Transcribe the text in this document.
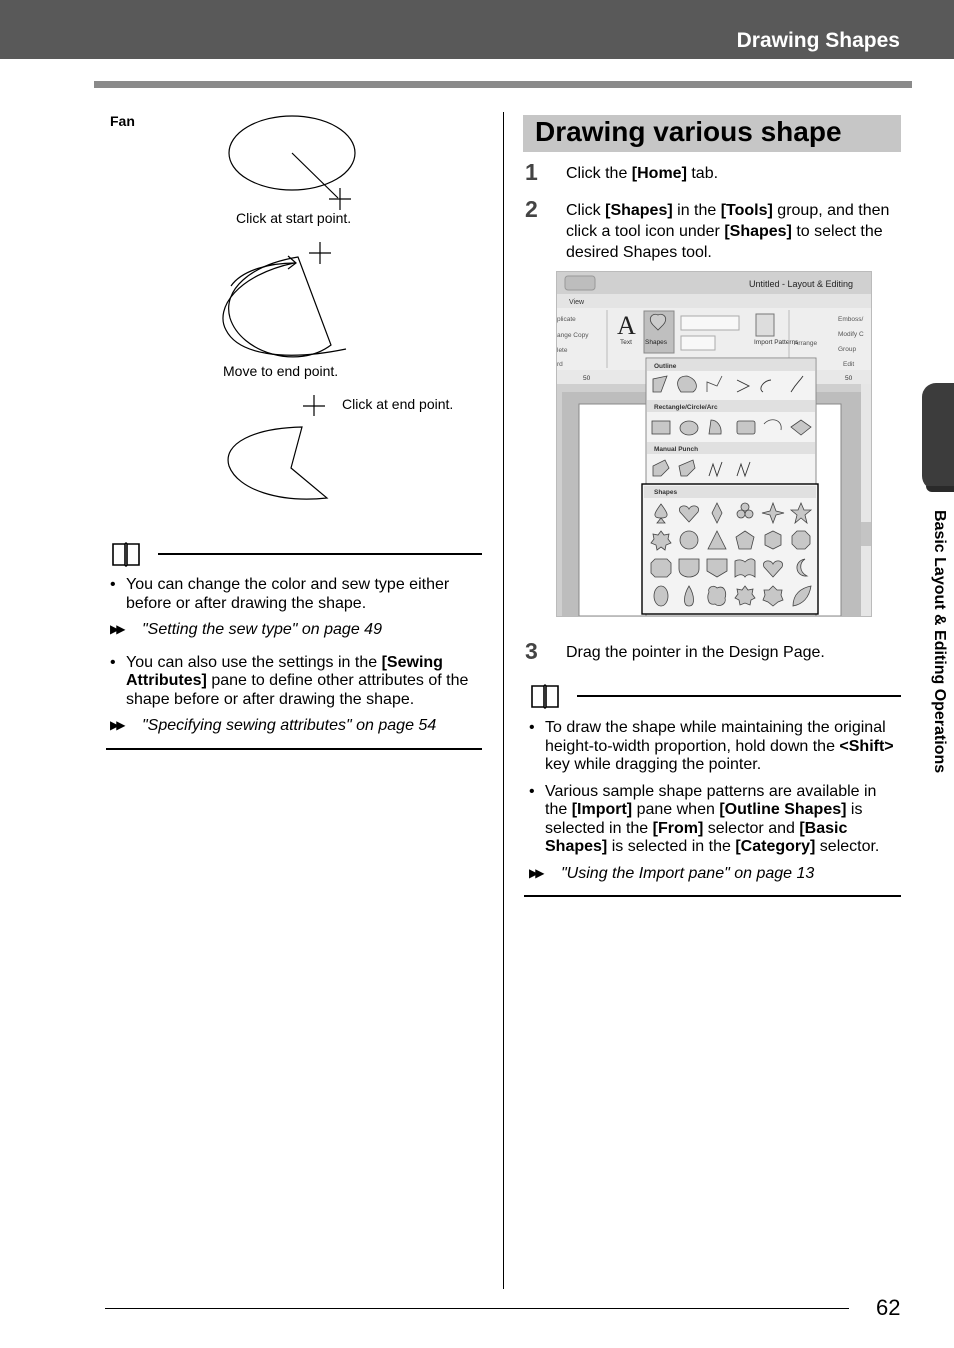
Drawing Shapes
62
Basic Layout & Editing Operations
Fan
Click at start point.
Move to end point.
Click at end point.
• You can change the color and sew type either before or after drawing the shape.
▶▶ "Setting the sew type" on page 49
• You can also use the settings in the [Sewing Attributes] pane to define other attributes of the shape before or after drawing the shape.
▶▶ "Specifying sewing attributes" on page 54
Drawing various shape
1 Click the [Home] tab.
2 Click [Shapes] in the [Tools] group, and then click a tool icon under [Shapes] to select the desired Shapes tool.
Untitled - Layout & Editing
View
plicate
ange Copy
lete
rd
A
Text Shapes	Import Patterns
Arrange
Emboss/
Modify C
Group
Edit
50	50
Outline
Rectangle/Circle/Arc
Manual Punch
Shapes
3 Drag the pointer in the Design Page.
• To draw the shape while maintaining the original height-to-width proportion, hold down the <Shift> key while dragging the pointer.
• Various sample shape patterns are available in the [Import] pane when [Outline Shapes] is selected in the [From] selector and [Basic Shapes] is selected in the [Category] selector.
▶▶ "Using the Import pane" on page 13
